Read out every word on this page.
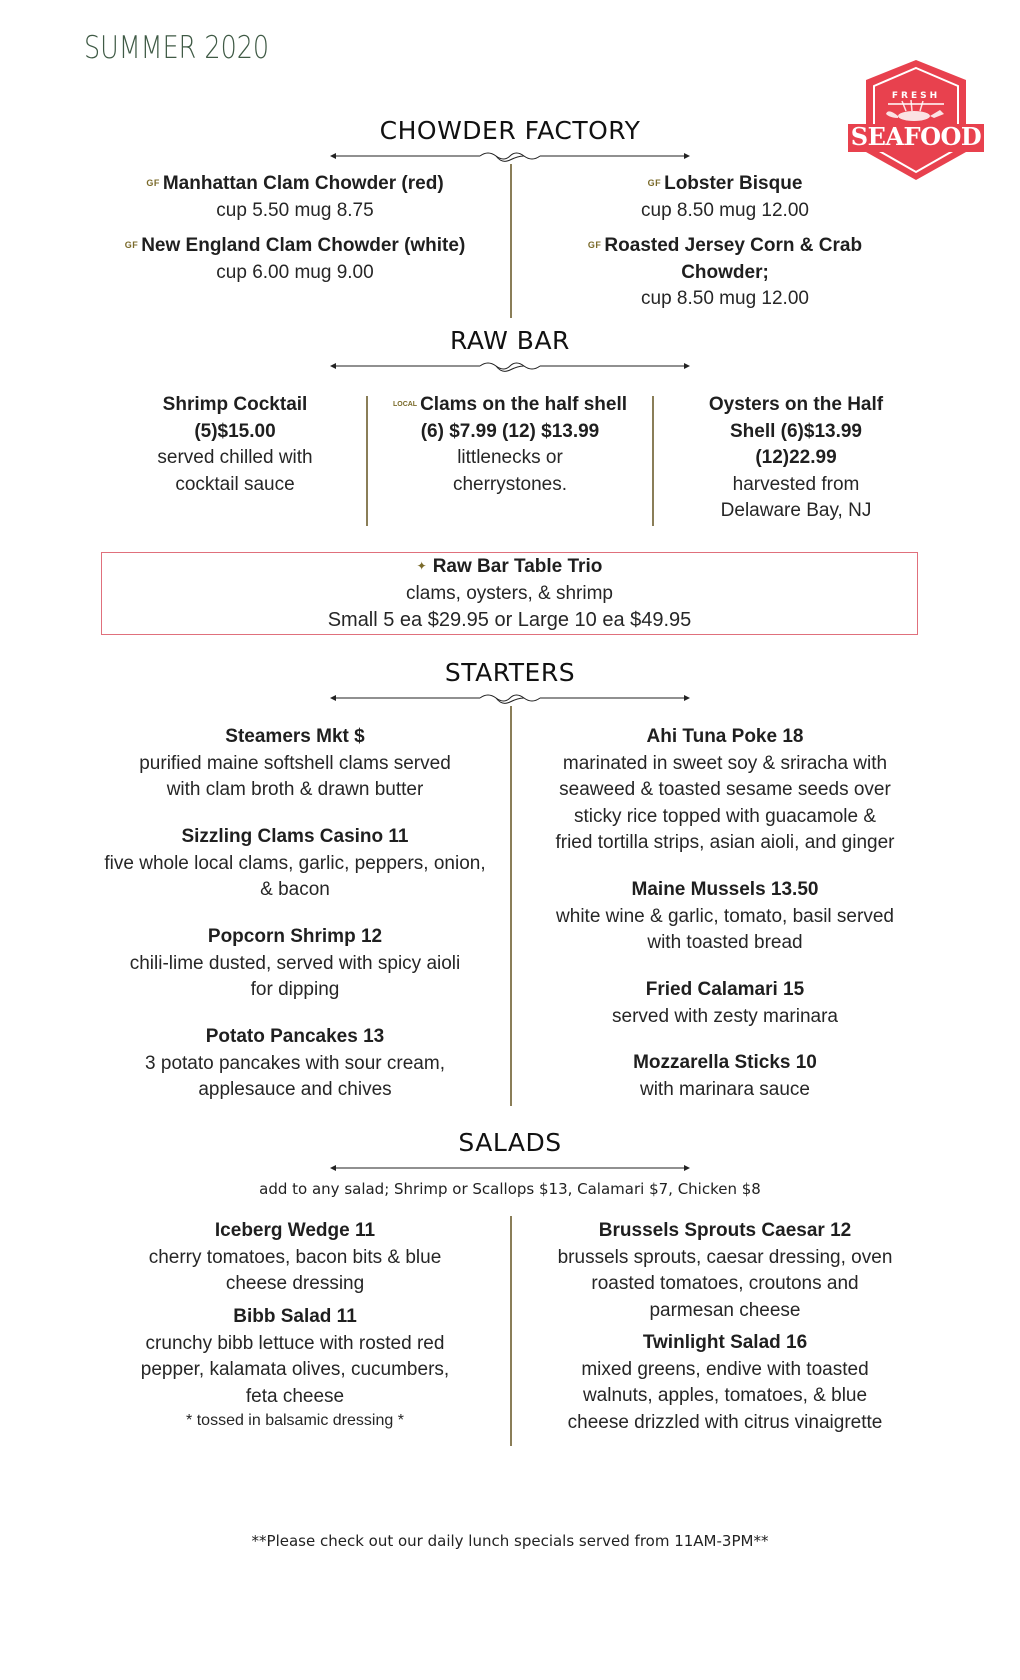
SUMMER 2020
FRESH
SEAFOOD
CHOWDER FACTORY
GF Manhattan Clam Chowder (red)
cup 5.50 mug 8.75
GF New England Clam Chowder (white)
cup 6.00 mug 9.00
GF Lobster Bisque
cup 8.50 mug 12.00
GF Roasted Jersey Corn & Crab
Chowder;
cup 8.50 mug 12.00
RAW BAR
Shrimp Cocktail
(5)$15.00
served chilled with
cocktail sauce
$^{LOCAL}$ Clams on the half shell
(6) $7.99 (12) $13.99
littlenecks or
cherrystones.
Oysters on the Half
Shell (6)$13.99
(12)22.99
harvested from
Delaware Bay, NJ
✦ Raw Bar Table Trio
clams, oysters, & shrimp
Small 5 ea $29.95 or Large 10 ea $49.95
STARTERS
Steamers Mkt $
purified maine softshell clams served
with clam broth & drawn butter
Sizzling Clams Casino 11
five whole local clams, garlic, peppers, onion,
& bacon
Popcorn Shrimp 12
chili-lime dusted, served with spicy aioli
for dipping
Potato Pancakes 13
3 potato pancakes with sour cream,
applesauce and chives
Ahi Tuna Poke 18
marinated in sweet soy & sriracha with
seaweed & toasted sesame seeds over
sticky rice topped with guacamole &
fried tortilla strips, asian aioli, and ginger
Maine Mussels 13.50
white wine & garlic, tomato, basil served
with toasted bread
Fried Calamari 15
served with zesty marinara
Mozzarella Sticks 10
with marinara sauce
SALADS
add to any salad; Shrimp or Scallops $13, Calamari $7, Chicken $8
Iceberg Wedge 11
cherry tomatoes, bacon bits & blue
cheese dressing
Bibb Salad 11
crunchy bibb lettuce with rosted red
pepper, kalamata olives, cucumbers,
feta cheese
* tossed in balsamic dressing *
Brussels Sprouts Caesar 12
brussels sprouts, caesar dressing, oven
roasted tomatoes, croutons and
parmesan cheese
Twinlight Salad 16
mixed greens, endive with toasted
walnuts, apples, tomatoes, & blue
cheese drizzled with citrus vinaigrette
**Please check out our daily lunch specials served from 11AM-3PM**
